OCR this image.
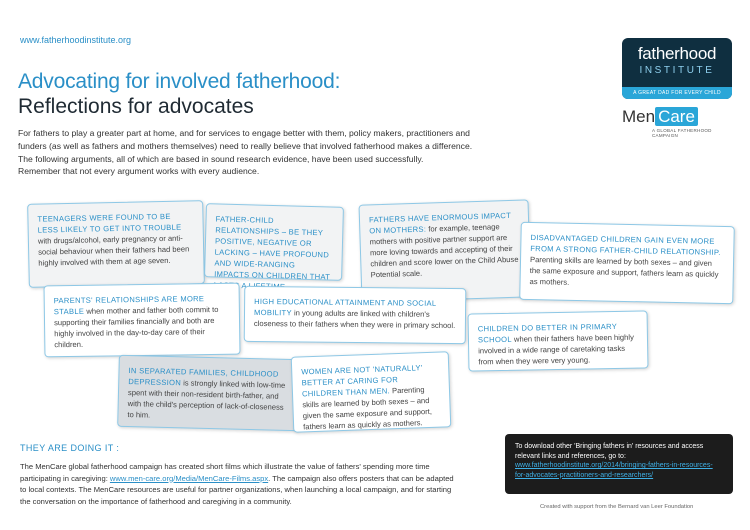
www.fatherhoodinstitute.org
Advocating for involved fatherhood:
Reflections for advocates
fatherhood
INSTITUTE
A GREAT DAD FOR EVERY CHILD
Men Care
A GLOBAL FATHERHOOD CAMPAIGN

For fathers to play a greater part at home, and for services to engage better with them, policy makers, practitioners and funders (as well as fathers and mothers themselves) need to really believe that involved fatherhood makes a difference.

The following arguments, all of which are based in sound research evidence, have been used successfully.

Remember that not every argument works with every audience.

TEENAGERS WERE FOUND TO BE LESS LIKELY TO GET INTO TROUBLE with drugs/alcohol, early pregnancy or anti-social behaviour when their fathers had been highly involved with them at age seven.
FATHER-CHILD RELATIONSHIPS – BE THEY POSITIVE, NEGATIVE OR LACKING – HAVE PROFOUND AND WIDE-RANGING IMPACTS ON CHILDREN THAT A
FATHERS HAVE ENORMOUS IMPACT ON MOTHERS: for example, teenage mothers with positive partner support are more loving towards and accepting of their children and score lower on the Child Abuse Potential scale.
DISADVANTAGED CHILDREN GAIN EVEN MORE FROM A STRONG FATHER-CHILD RELATIONSHIP. Parenting skills are learned by both sexes – and given the same exposure and support, fathers learn as quickly as mothers.
PARENTS' RELATIONSHIPS ARE MORE STABLE when mother and father both commit to supporting their families financially and both are highly involved in the day-to-day care of their children.
HIGH EDUCATIONAL ATTAINMENT AND SOCIAL MOBILITY in young adults are linked with children's closeness to their fathers when they were in primary school.	CHILDREN DO BETTER IN PRIMARY SCHOOL when their fathers have been highly involved in a wide range of caretaking tasks from when they were very young.
IN SEPARATED FAMILIES, CHILDHOOD DEPRESSION is strongly linked with low-time spent with their non-resident birth-father, and with the child's perception of lack-of-closeness to him.
WOMEN ARE NOT 'NATURALLY' BETTER AT CARING FOR CHILDREN THAN MEN. Parenting skills are learned by both sexes – and given the same exposure and support, fathers learn as quickly as mothers.
THEY ARE DOING IT :
The MenCare global fatherhood campaign has created short films which illustrate the value of fathers' spending more time participating in caregiving: www.men-care.org/Media/MenCare-Films.aspx. The campaign also offers posters that can be adapted to local contexts. The MenCare resources are useful for partner organizations, when launching a local campaign, and for starting the conversation on the importance of fatherhood and caregiving in a community.
To download other 'Bringing fathers in' resources and access relevant links and references, go to:
www.fatherhoodinstitute.org/2014/bringing-fathers-in-resources-for-advocates-practitioners-and-researchers/
Created with support from the Bernard van Leer Foundation
